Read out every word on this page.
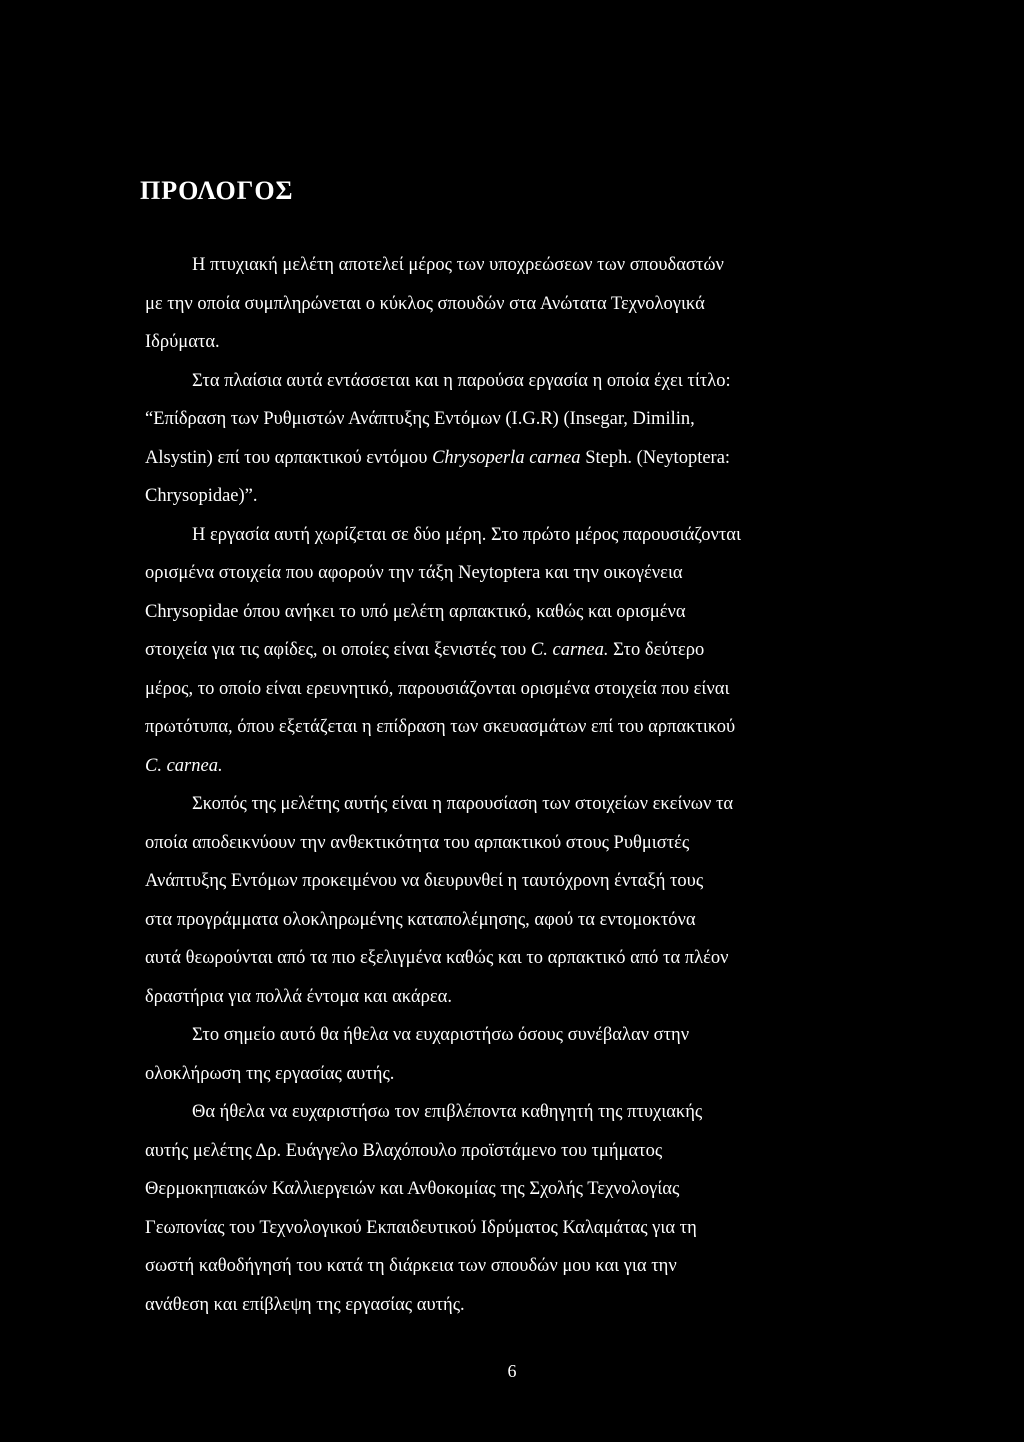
ΠΡΟΛΟΓΟΣ
Η πτυχιακή μελέτη αποτελεί μέρος των υποχρεώσεων των σπουδαστών
με την οποία συμπληρώνεται ο κύκλος σπουδών στα Ανώτατα Τεχνολογικά
Ιδρύματα.
Στα πλαίσια αυτά εντάσσεται και η παρούσα εργασία η οποία έχει τίτλο:
“Επίδραση των Ρυθμιστών Ανάπτυξης Εντόμων (I.G.R) (Insegar, Dimilin,
Alsystin) επί του αρπακτικού εντόμου Chrysoperla carnea Steph. (Neytoptera:
Chrysopidae)”.
Η εργασία αυτή χωρίζεται σε δύο μέρη. Στο πρώτο μέρος παρουσιάζονται
ορισμένα στοιχεία που αφορούν την τάξη Neytoptera και την οικογένεια
Chrysopidae όπου ανήκει το υπό μελέτη αρπακτικό, καθώς και ορισμένα
στοιχεία για τις αφίδες, οι οποίες είναι ξενιστές του C. carnea. Στο δεύτερο
μέρος, το οποίο είναι ερευνητικό, παρουσιάζονται ορισμένα στοιχεία που είναι
πρωτότυπα, όπου εξετάζεται η επίδραση των σκευασμάτων επί του αρπακτικού
C. carnea.
Σκοπός της μελέτης αυτής είναι η παρουσίαση των στοιχείων εκείνων τα
οποία αποδεικνύουν την ανθεκτικότητα του αρπακτικού στους Ρυθμιστές
Ανάπτυξης Εντόμων προκειμένου να διευρυνθεί η ταυτόχρονη ένταξή τους
στα προγράμματα ολοκληρωμένης καταπολέμησης, αφού τα εντομοκτόνα
αυτά θεωρούνται από τα πιο εξελιγμένα καθώς και το αρπακτικό από τα πλέον
δραστήρια για πολλά έντομα και ακάρεα.
Στο σημείο αυτό θα ήθελα να ευχαριστήσω όσους συνέβαλαν στην
ολοκλήρωση της εργασίας αυτής.
Θα ήθελα να ευχαριστήσω τον επιβλέποντα καθηγητή της πτυχιακής
αυτής μελέτης Δρ. Ευάγγελο Βλαχόπουλο προϊστάμενο του τμήματος
Θερμοκηπιακών Καλλιεργειών και Ανθοκομίας της Σχολής Τεχνολογίας
Γεωπονίας του Τεχνολογικού Εκπαιδευτικού Ιδρύματος Καλαμάτας για τη
σωστή καθοδήγησή του κατά τη διάρκεια των σπουδών μου και για την
ανάθεση και επίβλεψη της εργασίας αυτής.
6
